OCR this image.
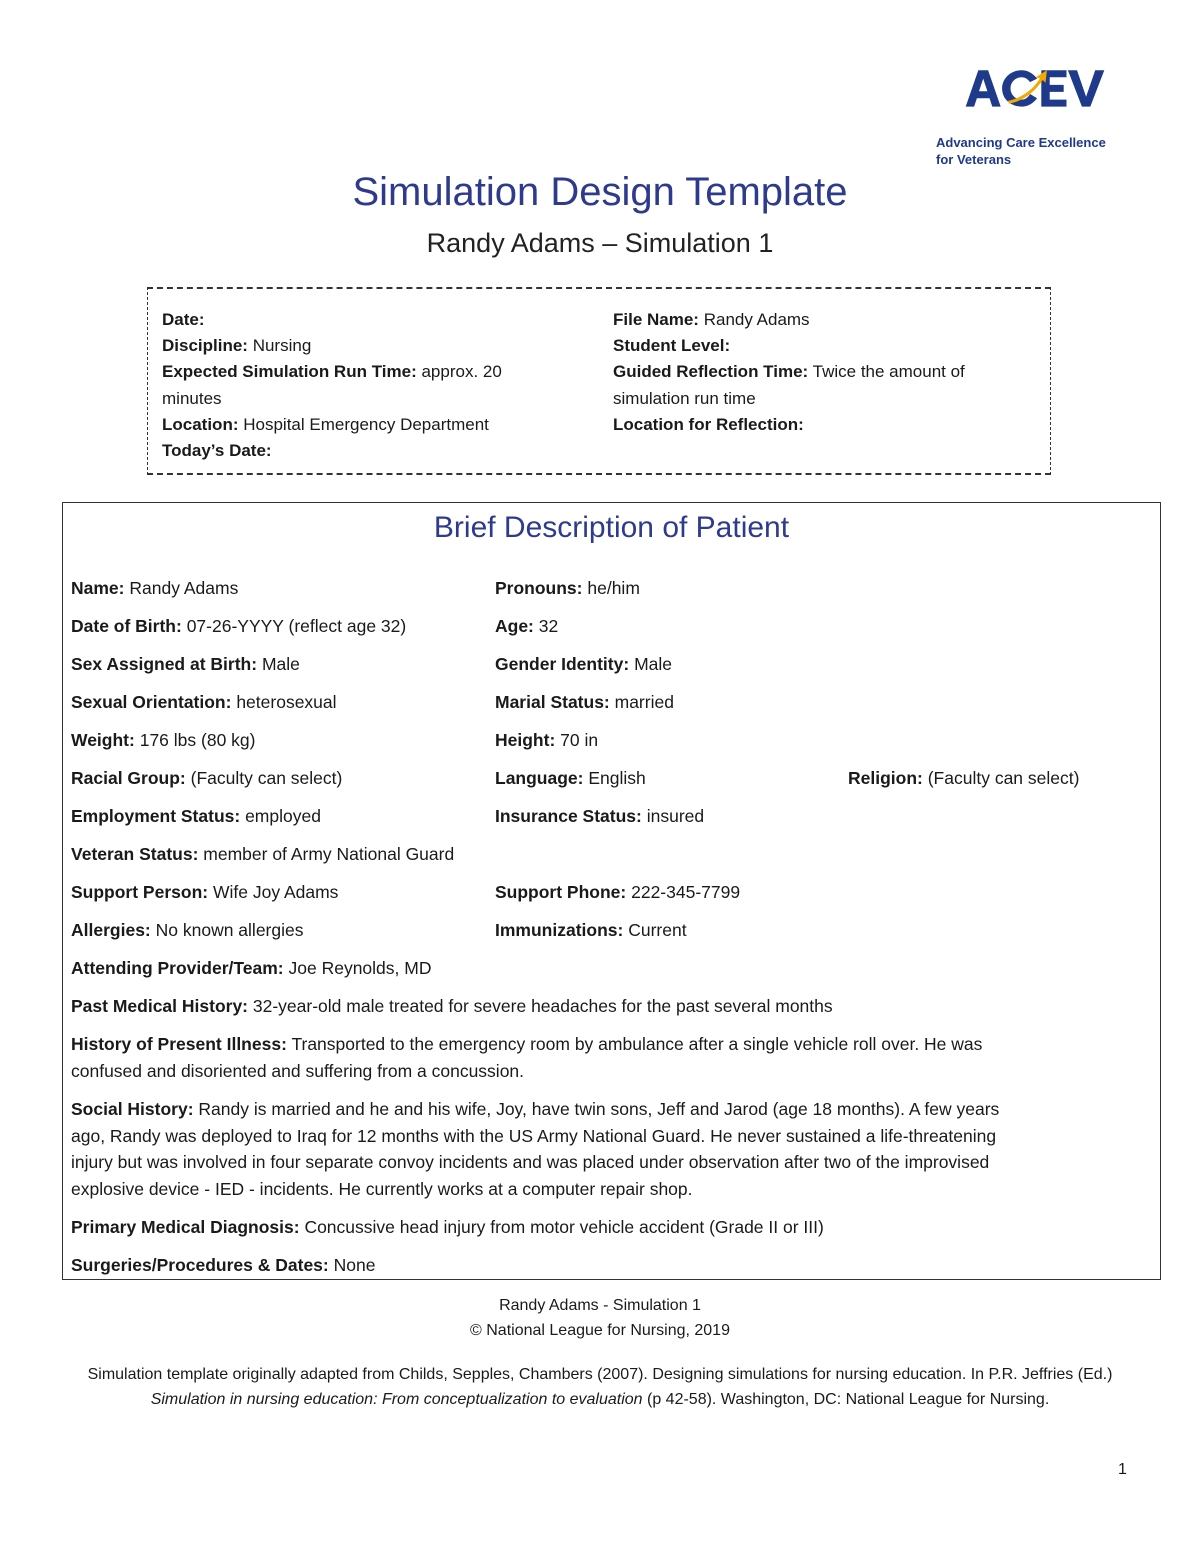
Advancing Care Excellence
for Veterans
Simulation Design Template
Randy Adams – Simulation 1
Date:
Discipline: Nursing
Expected Simulation Run Time: approx. 20
minutes
Location: Hospital Emergency Department
Today’s Date:
File Name: Randy Adams
Student Level:
Guided Reflection Time: Twice the amount of
simulation run time
Location for Reflection:
Brief Description of Patient
Name: Randy Adams	Pronouns: he/him
Date of Birth: 07-26-YYYY (reflect age 32)	Age: 32
Sex Assigned at Birth: Male	Gender Identity: Male
Sexual Orientation: heterosexual	Marial Status: married
Weight: 176 lbs (80 kg)	Height: 70 in
Racial Group: (Faculty can select)	Language: English	Religion: (Faculty can select)
Employment Status: employed	Insurance Status: insured
Veteran Status: member of Army National Guard
Support Person: Wife Joy Adams	Support Phone: 222-345-7799
Allergies: No known allergies	Immunizations: Current
Attending Provider/Team: Joe Reynolds, MD
Past Medical History: 32-year-old male treated for severe headaches for the past several months
History of Present Illness: Transported to the emergency room by ambulance after a single vehicle roll over. He was
confused and disoriented and suffering from a concussion.
Social History: Randy is married and he and his wife, Joy, have twin sons, Jeff and Jarod (age 18 months). A few years
ago, Randy was deployed to Iraq for 12 months with the US Army National Guard. He never sustained a life-threatening
injury but was involved in four separate convoy incidents and was placed under observation after two of the improvised
explosive device - IED - incidents. He currently works at a computer repair shop.
Primary Medical Diagnosis: Concussive head injury from motor vehicle accident (Grade II or III)
Surgeries/Procedures & Dates: None
Randy Adams - Simulation 1
© National League for Nursing, 2019
Simulation template originally adapted from Childs, Sepples, Chambers (2007). Designing simulations for nursing education. In P.R. Jeffries (Ed.) Simulation in nursing education: From conceptualization to evaluation (p 42-58). Washington, DC: National League for Nursing.
1
